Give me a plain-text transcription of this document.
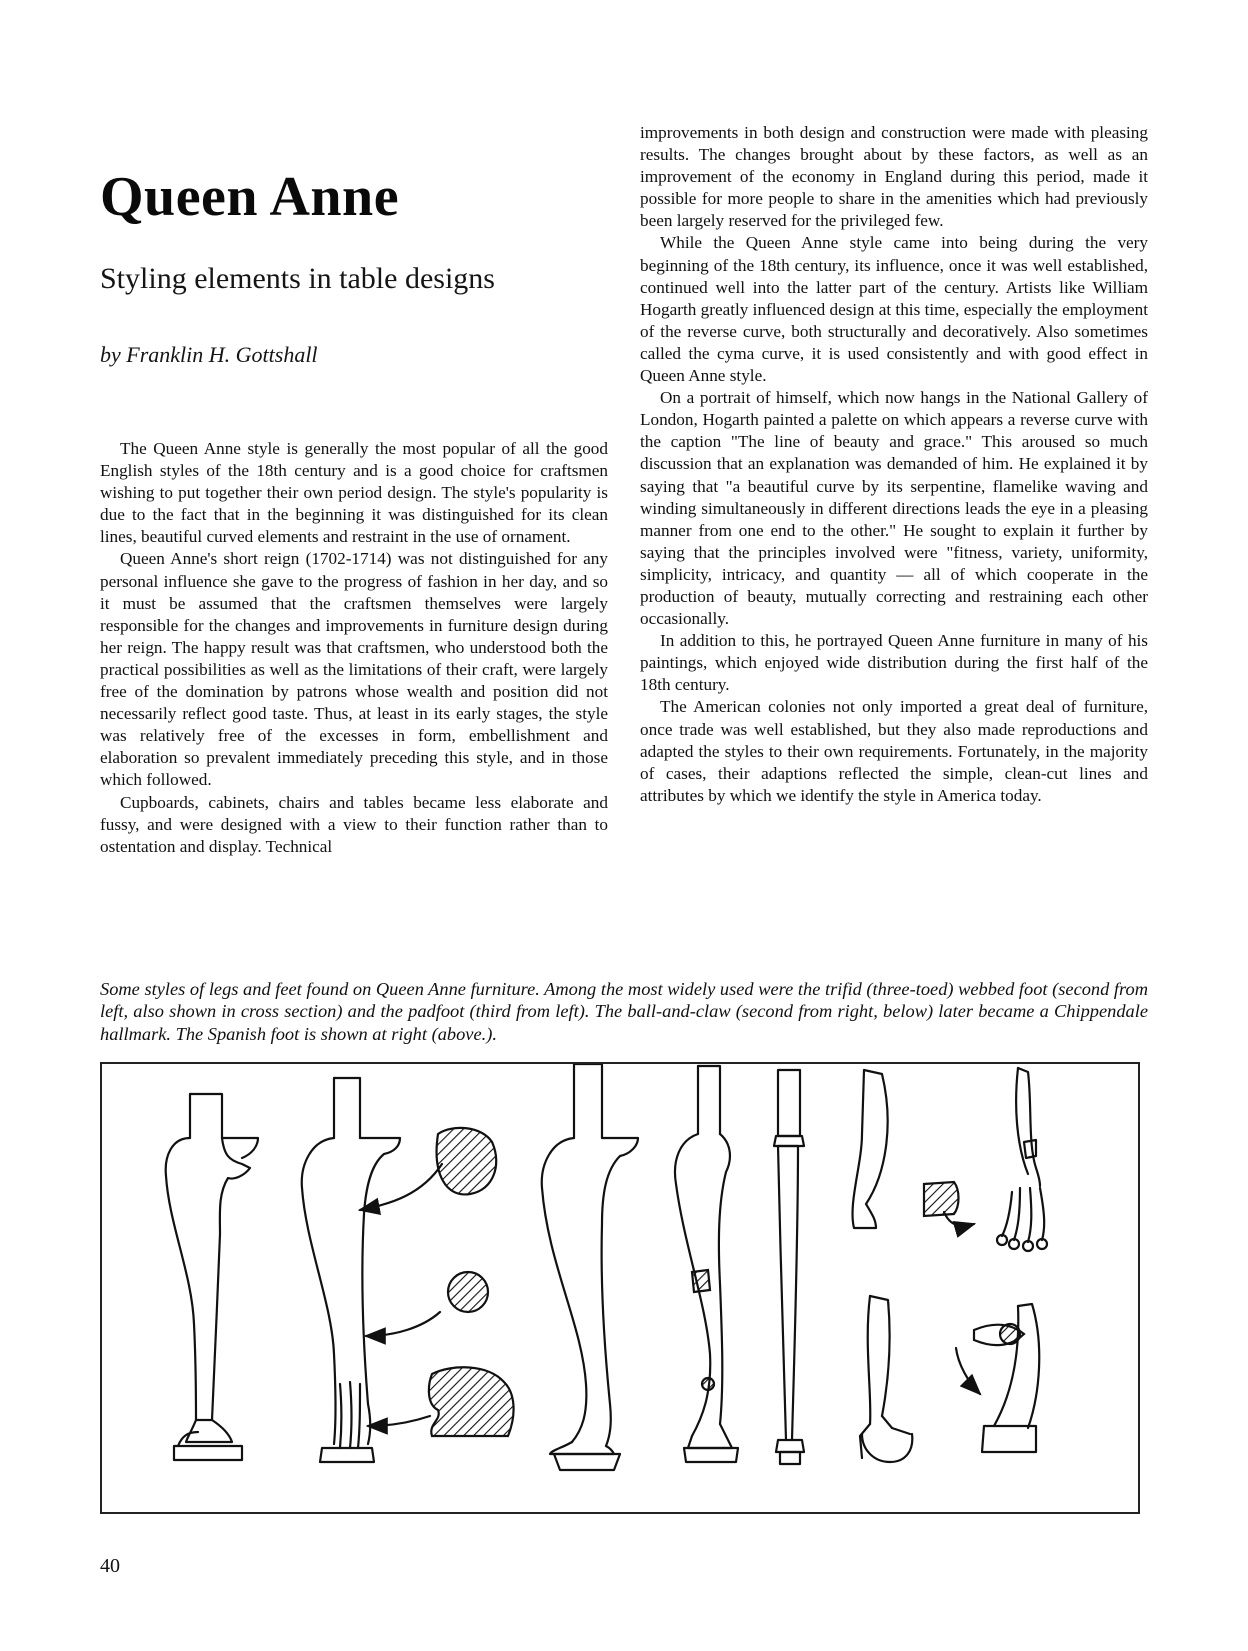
Queen Anne
Styling elements in table designs

by Franklin H. Gottshall

The Queen Anne style is generally the most popular of all the good English styles of the 18th century and is a good choice for craftsmen wishing to put together their own period design. The style's popularity is due to the fact that in the beginning it was distinguished for its clean lines, beautiful curved elements and restraint in the use of ornament.

Queen Anne's short reign (1702-1714) was not distinguished for any personal influence she gave to the progress of fashion in her day, and so it must be assumed that the craftsmen themselves were largely responsible for the changes and improvements in furniture design during her reign. The happy result was that craftsmen, who understood both the practical possibilities as well as the limitations of their craft, were largely free of the domination by patrons whose wealth and position did not necessarily reflect good taste. Thus, at least in its early stages, the style was relatively free of the excesses in form, embellishment and elaboration so prevalent immediately preceding this style, and in those which followed.

Cupboards, cabinets, chairs and tables became less elaborate and fussy, and were designed with a view to their function rather than to ostentation and display. Technical

improvements in both design and construction were made with pleasing results. The changes brought about by these factors, as well as an improvement of the economy in England during this period, made it possible for more people to share in the amenities which had previously been largely reserved for the privileged few.

While the Queen Anne style came into being during the very beginning of the 18th century, its influence, once it was well established, continued well into the latter part of the century. Artists like William Hogarth greatly influenced design at this time, especially the employment of the reverse curve, both structurally and decoratively. Also sometimes called the cyma curve, it is used consistently and with good effect in Queen Anne style.

On a portrait of himself, which now hangs in the National Gallery of London, Hogarth painted a palette on which appears a reverse curve with the caption "The line of beauty and grace." This aroused so much discussion that an explanation was demanded of him. He explained it by saying that "a beautiful curve by its serpentine, flamelike waving and winding simultaneously in different directions leads the eye in a pleasing manner from one end to the other." He sought to explain it further by saying that the principles involved were "fitness, variety, uniformity, simplicity, intricacy, and quantity — all of which cooperate in the production of beauty, mutually correcting and restraining each other occasionally.

In addition to this, he portrayed Queen Anne furniture in many of his paintings, which enjoyed wide distribution during the first half of the 18th century.

The American colonies not only imported a great deal of furniture, once trade was well established, but they also made reproductions and adapted the styles to their own requirements. Fortunately, in the majority of cases, their adaptions reflected the simple, clean-cut lines and attributes by which we identify the style in America today.

Some styles of legs and feet found on Queen Anne furniture. Among the most widely used were the trifid (three-toed) webbed foot (second from left, also shown in cross section) and the padfoot (third from left). The ball-and-claw (second from right, below) later became a Chippendale hallmark. The Spanish foot is shown at right (above.).

40
